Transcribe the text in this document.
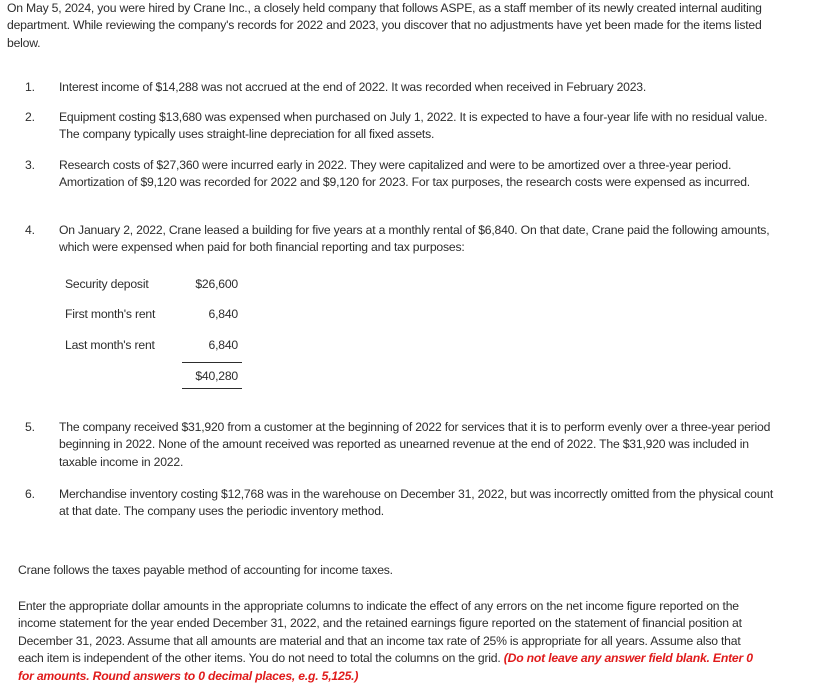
On May 5, 2024, you were hired by Crane Inc., a closely held company that follows ASPE, as a staff member of its newly created internal auditing department. While reviewing the company's records for 2022 and 2023, you discover that no adjustments have yet been made for the items listed below.
1.	Interest income of $14,288 was not accrued at the end of 2022. It was recorded when received in February 2023.
2.	Equipment costing $13,680 was expensed when purchased on July 1, 2022. It is expected to have a four-year life with no residual value. The company typically uses straight-line depreciation for all fixed assets.
3.	Research costs of $27,360 were incurred early in 2022. They were capitalized and were to be amortized over a three-year period. Amortization of $9,120 was recorded for 2022 and $9,120 for 2023. For tax purposes, the research costs were expensed as incurred.
4.	On January 2, 2022, Crane leased a building for five years at a monthly rental of $6,840. On that date, Crane paid the following amounts, which were expensed when paid for both financial reporting and tax purposes:
Security deposit	$26,600
First month's rent	6,840
Last month's rent	6,840
$40,280
5.	The company received $31,920 from a customer at the beginning of 2022 for services that it is to perform evenly over a three-year period beginning in 2022. None of the amount received was reported as unearned revenue at the end of 2022. The $31,920 was included in taxable income in 2022.
6.	Merchandise inventory costing $12,768 was in the warehouse on December 31, 2022, but was incorrectly omitted from the physical count at that date. The company uses the periodic inventory method.
Crane follows the taxes payable method of accounting for income taxes.
Enter the appropriate dollar amounts in the appropriate columns to indicate the effect of any errors on the net income figure reported on the income statement for the year ended December 31, 2022, and the retained earnings figure reported on the statement of financial position at December 31, 2023. Assume that all amounts are material and that an income tax rate of 25% is appropriate for all years. Assume also that each item is independent of the other items. You do not need to total the columns on the grid. (Do not leave any answer field blank. Enter 0 for amounts. Round answers to 0 decimal places, e.g. 5,125.)
